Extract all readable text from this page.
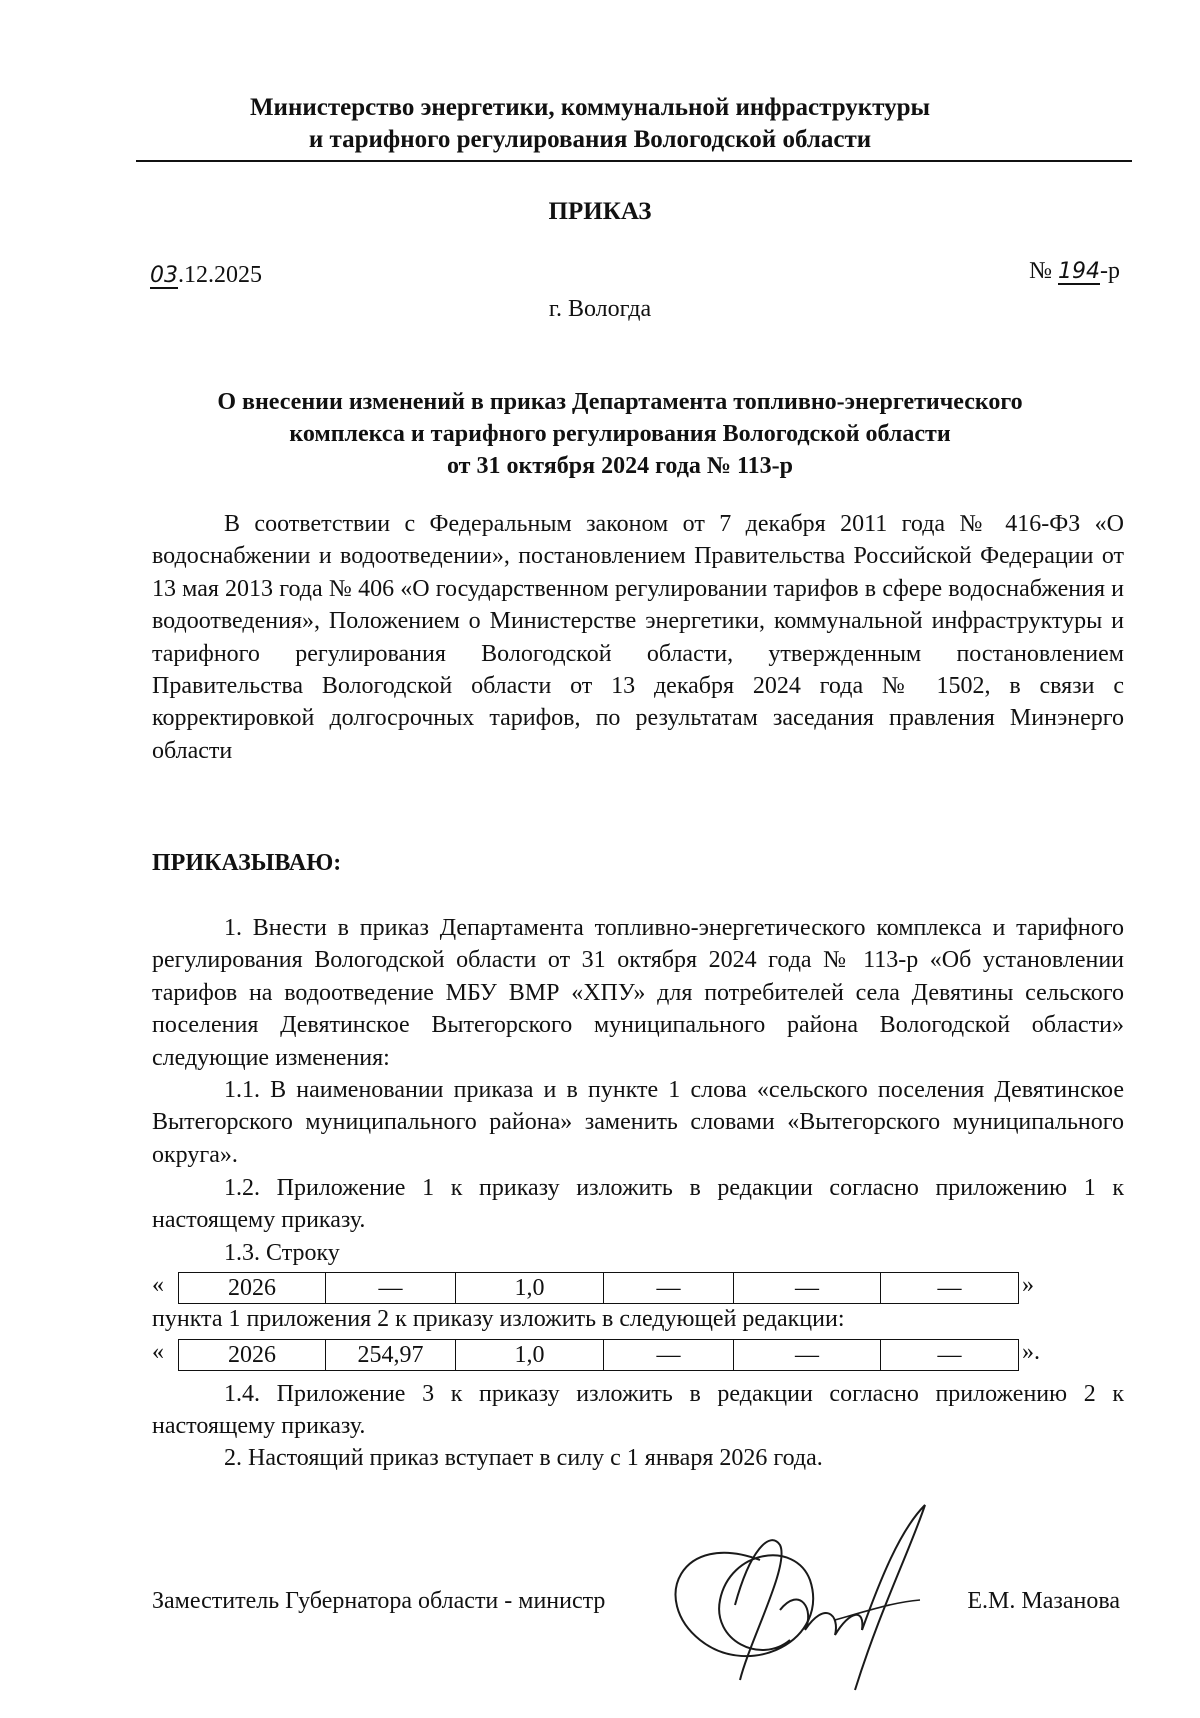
Министерство энергетики, коммунальной инфраструктуры
и тарифного регулирования Вологодской области
ПРИКАЗ
03.12.2025	№ 194-р
г. Вологда
О внесении изменений в приказ Департамента топливно-энергетического
комплекса и тарифного регулирования Вологодской области
от 31 октября 2024 года № 113-р
В соответствии с Федеральным законом от 7 декабря 2011 года № 416-ФЗ «О водоснабжении и водоотведении», постановлением Правительства Российской Федерации от 13 мая 2013 года № 406 «О государственном регулировании тарифов в сфере водоснабжения и водоотведения», Положением о Министерстве энергетики, коммунальной инфраструктуры и тарифного регулирования Вологодской области, утвержденным постановлением Правительства Вологодской области от 13 декабря 2024 года № 1502, в связи с корректировкой долгосрочных тарифов, по результатам заседания правления Минэнерго области
ПРИКАЗЫВАЮ:
1. Внести в приказ Департамента топливно-энергетического комплекса и тарифного регулирования Вологодской области от 31 октября 2024 года № 113-р «Об установлении тарифов на водоотведение МБУ ВМР «ХПУ» для потребителей села Девятины сельского поселения Девятинское Вытегорского муниципального района Вологодской области» следующие изменения:
1.1. В наименовании приказа и в пункте 1 слова «сельского поселения Девятинское Вытегорского муниципального района» заменить словами «Вытегорского муниципального округа».
1.2. Приложение 1 к приказу изложить в редакции согласно приложению 1 к настоящему приказу.
1.3. Строку
«	2026	—	1,0	—	—	—	»
пункта 1 приложения 2 к приказу изложить в следующей редакции:
«	2026	254,97	1,0	—	—	—	».
1.4. Приложение 3 к приказу изложить в редакции согласно приложению 2 к настоящему приказу.
2. Настоящий приказ вступает в силу с 1 января 2026 года.
Заместитель Губернатора области - министр	Е.М. Мазанова
